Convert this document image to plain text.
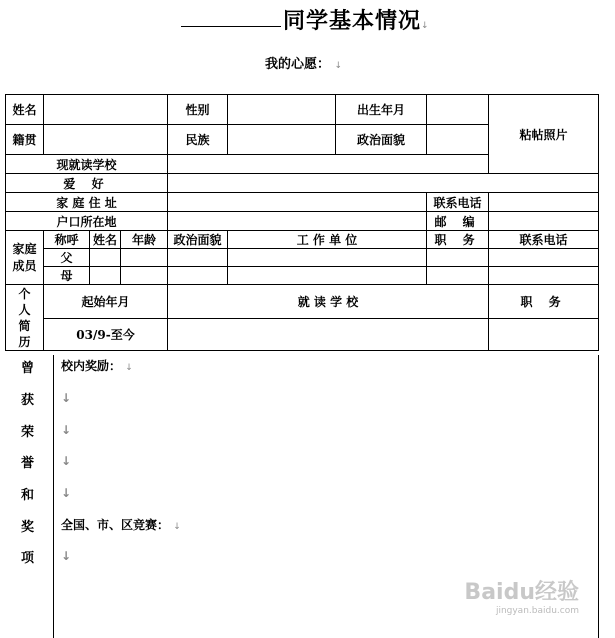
同学基本情况↓
我的心愿： ↓
姓名				性别		出生年月		粘帖照片
籍贯				民族		政治面貌		
现就读学校								
爱 好								
家 庭 住 址							联系电话	
户口所在地							邮 编	
家庭成员	称呼	姓名	年龄	政治面貌	工 作 单 位		职 务	联系电话
	父							
	母							
个人简历	起始年月			就 读 学 校				职 务
	03/9-至今							
曾
获
荣
誉
和
奖
项
校内奖励： ↓
↓
↓
↓
↓
全国、市、区竞赛： ↓
↓
Baidu经验
jingyan.baidu.com
